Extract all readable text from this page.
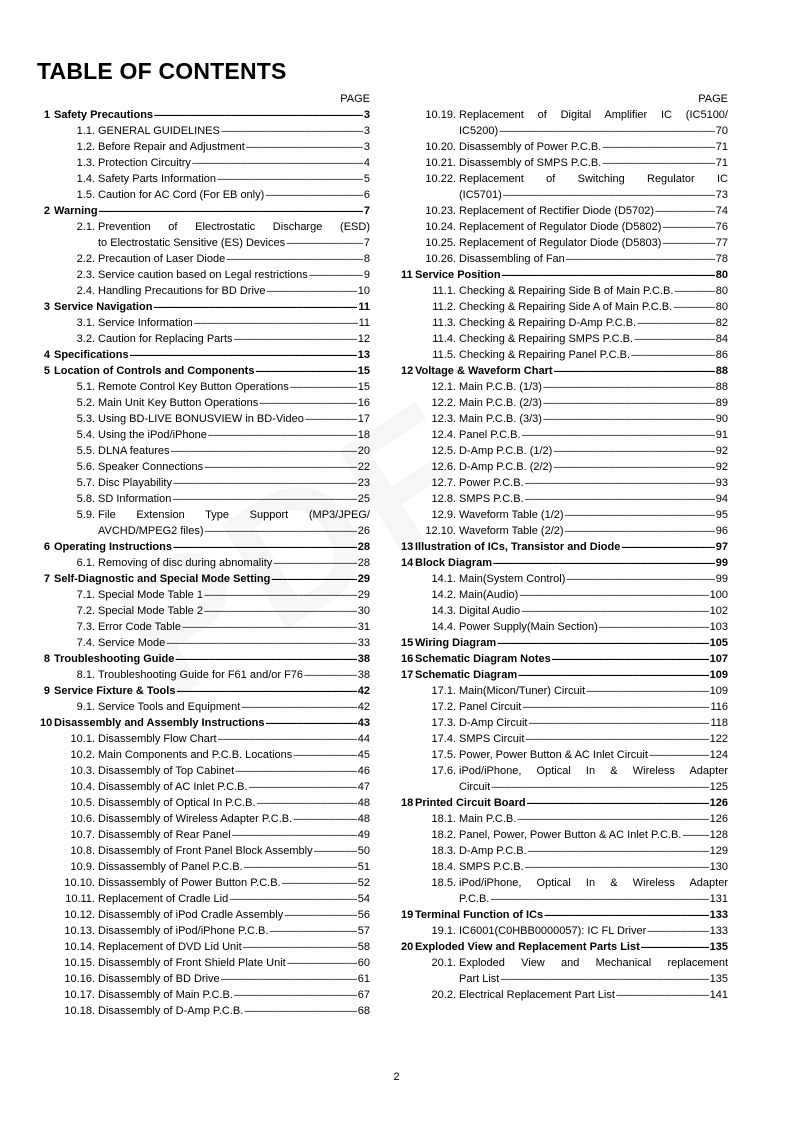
TABLE OF CONTENTS
PAGE
1 Safety Precautions -----	3
1.1. GENERAL GUIDELINES -----	3
1.2. Before Repair and Adjustment -----	3
1.3. Protection Circuitry -----	4
1.4. Safety Parts Information -----	5
1.5. Caution for AC Cord (For EB only) -----	6
2 Warning -----	7
2.1. Prevention of Electrostatic Discharge (ESD)
to Electrostatic Sensitive (ES) Devices -----	7
2.2. Precaution of Laser Diode -----	8
2.3. Service caution based on Legal restrictions -----	9
2.4. Handling Precautions for BD Drive -----	10
3 Service Navigation -----	11
3.1. Service Information -----	11
3.2. Caution for Replacing Parts -----	12
4 Specifications -----	13
5 Location of Controls and Components -----	15
5.1. Remote Control Key Button Operations -----	15
5.2. Main Unit Key Button Operations -----	16
5.3. Using BD-LIVE BONUSVIEW in BD-Video -----	17
5.4. Using the iPod/iPhone -----	18
5.5. DLNA features -----	20
5.6. Speaker Connections -----	22
5.7. Disc Playability -----	23
5.8. SD Information -----	25
5.9. File Extension Type Support (MP3/JPEG/
AVCHD/MPEG2 files) -----	26
6 Operating Instructions -----	28
6.1. Removing of disc during abnomality -----	28
7 Self-Diagnostic and Special Mode Setting -----	29
7.1. Special Mode Table 1 -----	29
7.2. Special Mode Table 2 -----	30
7.3. Error Code Table -----	31
7.4. Service Mode -----	33
8 Troubleshooting Guide -----	38
8.1. Troubleshooting Guide for F61 and/or F76 -----	38
9 Service Fixture & Tools -----	42
9.1. Service Tools and Equipment -----	42
10 Disassembly and Assembly Instructions -----	43
10.1. Disassembly Flow Chart -----	44
10.2. Main Components and P.C.B. Locations -----	45
10.3. Disassembly of Top Cabinet -----	46
10.4. Disassembly of AC Inlet P.C.B. -----	47
10.5. Disassembly of Optical In P.C.B. -----	48
10.6. Disassembly of Wireless Adapter P.C.B. -----	48
10.7. Disassembly of Rear Panel -----	49
10.8. Disassembly of Front Panel Block Assembly -----	50
10.9. Dissassembly of Panel P.C.B. -----	51
10.10. Dissassembly of Power Button P.C.B. -----	52
10.11. Replacement of Cradle Lid -----	54
10.12. Disassembly of iPod Cradle Assembly -----	56
10.13. Disassembly of iPod/iPhone P.C.B. -----	57
10.14. Replacement of DVD Lid Unit -----	58
10.15. Disassembly of Front Shield Plate Unit -----	60
10.16. Disassembly of BD Drive -----	61
10.17. Disassembly of Main P.C.B. -----	67
10.18. Disassembly of D-Amp P.C.B. -----	68
PAGE
10.19. Replacement of Digital Amplifier IC (IC5100/
IC5200) -----	70
10.20. Disassembly of Power P.C.B. -----	71
10.21. Disassembly of SMPS P.C.B. -----	71
10.22. Replacement of Switching Regulator IC
(IC5701) -----	73
10.23. Replacement of Rectifier Diode (D5702) -----	74
10.24. Replacement of Regulator Diode (D5802) -----	76
10.25. Replacement of Regulator Diode (D5803) -----	77
10.26. Disassembling of Fan -----	78
11 Service Position -----	80
11.1. Checking & Repairing Side B of Main P.C.B. -----	80
11.2. Checking & Repairing Side A of Main P.C.B. -----	80
11.3. Checking & Repairing D-Amp P.C.B. -----	82
11.4. Checking & Repairing SMPS P.C.B. -----	84
11.5. Checking & Repairing Panel P.C.B. -----	86
12 Voltage & Waveform Chart -----	88
12.1. Main P.C.B. (1/3) -----	88
12.2. Main P.C.B. (2/3) -----	89
12.3. Main P.C.B. (3/3) -----	90
12.4. Panel P.C.B. -----	91
12.5. D-Amp P.C.B. (1/2) -----	92
12.6. D-Amp P.C.B. (2/2) -----	92
12.7. Power P.C.B. -----	93
12.8. SMPS P.C.B. -----	94
12.9. Waveform Table (1/2) -----	95
12.10. Waveform Table (2/2) -----	96
13 Illustration of ICs, Transistor and Diode -----	97
14 Block Diagram -----	99
14.1. Main(System Control) -----	99
14.2. Main(Audio) -----	100
14.3. Digital Audio -----	102
14.4. Power Supply(Main Section) -----	103
15 Wiring Diagram -----	105
16 Schematic Diagram Notes -----	107
17 Schematic Diagram -----	109
17.1. Main(Micon/Tuner) Circuit -----	109
17.2. Panel Circuit -----	116
17.3. D-Amp Circuit -----	118
17.4. SMPS Circuit -----	122
17.5. Power, Power Button & AC Inlet Circuit -----	124
17.6. iPod/iPhone, Optical In & Wireless Adapter
Circuit -----	125
18 Printed Circuit Board -----	126
18.1. Main P.C.B. -----	126
18.2. Panel, Power, Power Button & AC Inlet P.C.B. -----	128
18.3. D-Amp P.C.B. -----	129
18.4. SMPS P.C.B. -----	130
18.5. iPod/iPhone, Optical In & Wireless Adapter
P.C.B. -----	131
19 Terminal Function of ICs -----	133
19.1. IC6001(C0HBB0000057): IC FL Driver -----	133
20 Exploded View and Replacement Parts List -----	135
20.1. Exploded View and Mechanical replacement
Part List -----	135
20.2. Electrical Replacement Part List -----	141
2
